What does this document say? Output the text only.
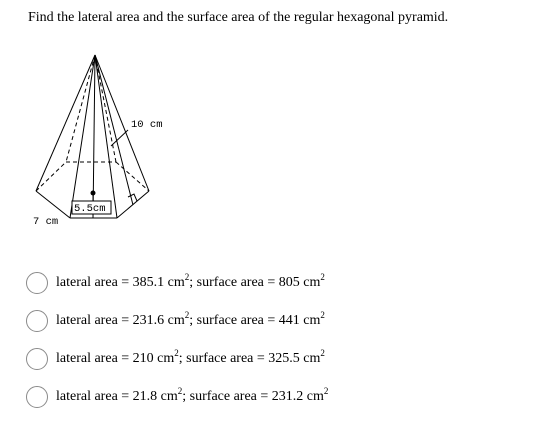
Find the lateral area and the surface area of the regular hexagonal pyramid.
5.5cm
10 cm
7 cm
lateral area = 385.1 $cm^2$; surface area = 805 $cm^2$
lateral area = 231.6 $cm^2$; surface area = 441 $cm^2$
lateral area = 210 $cm^2$; surface area = 325.5 $cm^2$
lateral area = 21.8 $cm^2$; surface area = 231.2 $cm^2$
